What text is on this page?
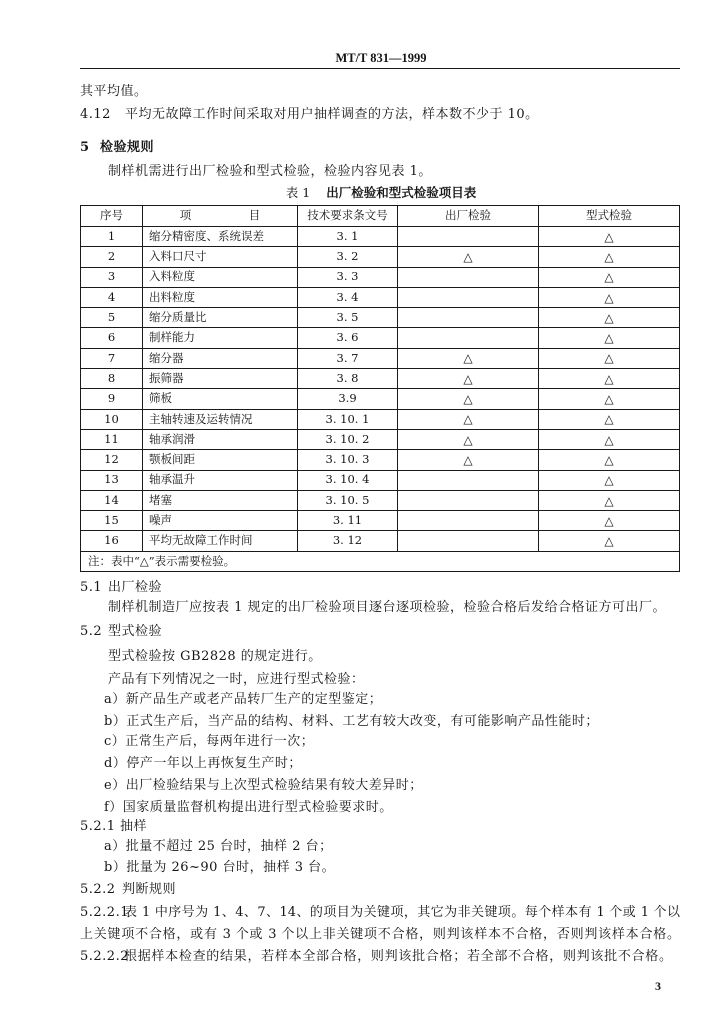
MT/T 831—1999
其平均值。
4.12 平均无故障工作时间采取对用户抽样调查的方法，样本数不少于 10。
5 检验规则
制样机需进行出厂检验和型式检验，检验内容见表 1。
表 1 出厂检验和型式检验项目表
序号	项　　　　　目	技术要求条文号	出厂检验	型式检验
1	缩分精密度、系统误差	3. 1		△
2	入料口尺寸	3. 2	△	△
3	入料粒度	3. 3		△
4	出料粒度	3. 4		△
5	缩分质量比	3. 5		△
6	制样能力	3. 6		△
7	缩分器	3. 7	△	△
8	振筛器	3. 8	△	△
9	筛板	3.9	△	△
10	主轴转速及运转情况	3. 10. 1	△	△
11	轴承润滑	3. 10. 2	△	△
12	颚板间距	3. 10. 3	△	△
13	轴承温升	3. 10. 4		△
14	堵塞	3. 10. 5		△
15	噪声	3. 11		△
16	平均无故障工作时间	3. 12		△
注：表中“△”表示需要检验。				
5.1 出厂检验
制样机制造厂应按表 1 规定的出厂检验项目逐台逐项检验，检验合格后发给合格证方可出厂。
5.2 型式检验
型式检验按 GB2828 的规定进行。
产品有下列情况之一时，应进行型式检验：
a）新产品生产或老产品转厂生产的定型鉴定；
b）正式生产后，当产品的结构、材料、工艺有较大改变，有可能影响产品性能时；
c）正常生产后，每两年进行一次；
d）停产一年以上再恢复生产时；
e）出厂检验结果与上次型式检验结果有较大差异时；
f）国家质量监督机构提出进行型式检验要求时。
5.2.1 抽样
a）批量不超过 25 台时，抽样 2 台；
b）批量为 26~90 台时，抽样 3 台。
5.2.2 判断规则
5.2.2.1
表 1 中序号为 1、4、7、14、的项目为关键项，其它为非关键项。每个样本有 1 个或 1 个以
上关键项不合格，或有 3 个或 3 个以上非关键项不合格，则判该样本不合格，否则判该样本合格。
5.2.2.2
根据样本检查的结果，若样本全部合格，则判该批合格；若全部不合格，则判该批不合格。
3
